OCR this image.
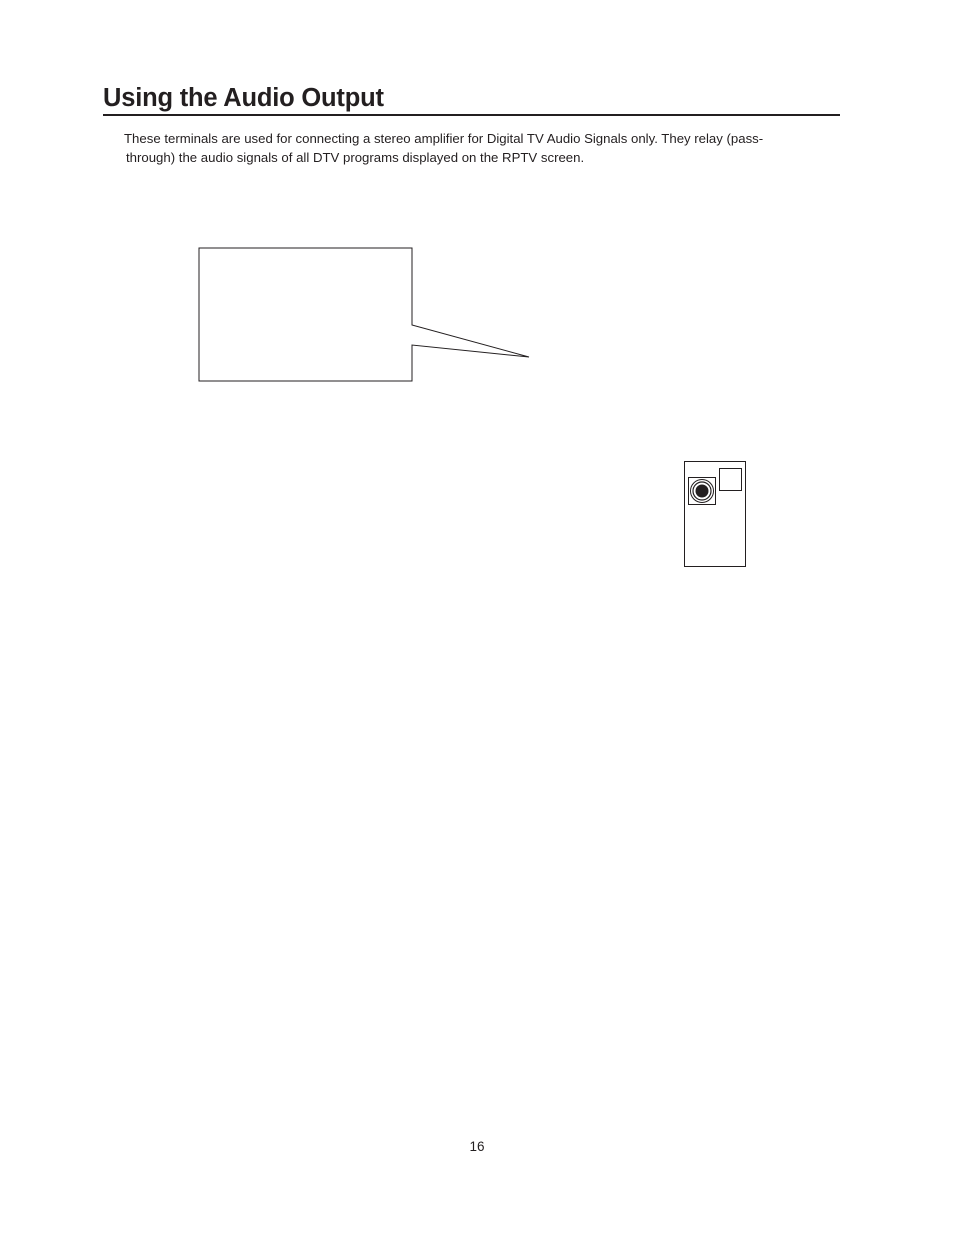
Using the Audio Output

These terminals are used for connecting a stereo amplifier for Digital TV Audio Signals only. They relay (pass-
through) the audio signals of all DTV programs displayed on the RPTV screen.

16
